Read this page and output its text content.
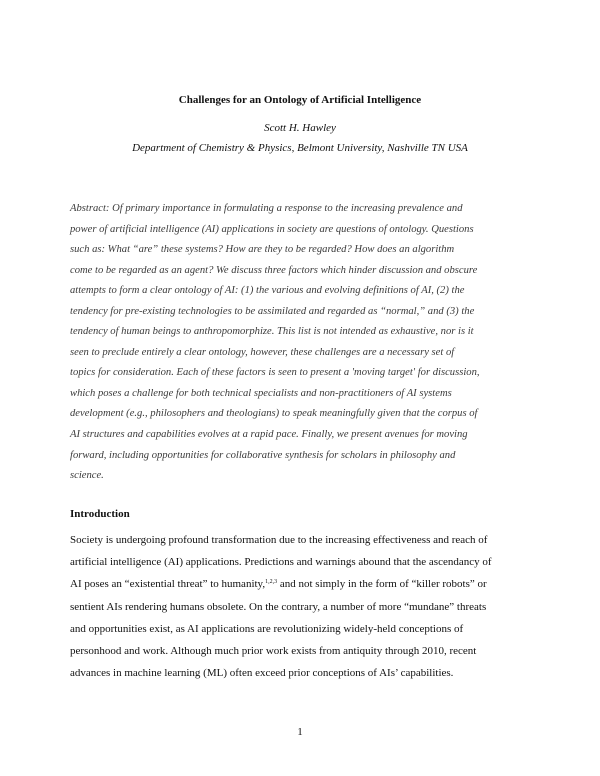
Challenges for an Ontology of Artificial Intelligence
Scott H. Hawley
Department of Chemistry & Physics, Belmont University, Nashville TN USA

Abstract: Of primary importance in formulating a response to the increasing prevalence and
power of artificial intelligence (AI) applications in society are questions of ontology. Questions
such as: What “are” these systems? How are they to be regarded? How does an algorithm
come to be regarded as an agent? We discuss three factors which hinder discussion and obscure
attempts to form a clear ontology of AI: (1) the various and evolving definitions of AI, (2) the
tendency for pre-existing technologies to be assimilated and regarded as “normal,” and (3) the
tendency of human beings to anthropomorphize. This list is not intended as exhaustive, nor is it
seen to preclude entirely a clear ontology, however, these challenges are a necessary set of
topics for consideration. Each of these factors is seen to present a 'moving target' for discussion,
which poses a challenge for both technical specialists and non-practitioners of AI systems
development (e.g., philosophers and theologians) to speak meaningfully given that the corpus of
AI structures and capabilities evolves at a rapid pace. Finally, we present avenues for moving
forward, including opportunities for collaborative synthesis for scholars in philosophy and
science.

Introduction

Society is undergoing profound transformation due to the increasing effectiveness and reach of
artificial intelligence (AI) applications. Predictions and warnings abound that the ascendancy of
AI poses an “existential threat” to humanity,$^{1,2,3}$ and not simply in the form of “killer robots” or
sentient AIs rendering humans obsolete. On the contrary, a number of more “mundane” threats
and opportunities exist, as AI applications are revolutionizing widely-held conceptions of
personhood and work. Although much prior work exists from antiquity through 2010, recent
advances in machine learning (ML) often exceed prior conceptions of AIs’ capabilities.

1
